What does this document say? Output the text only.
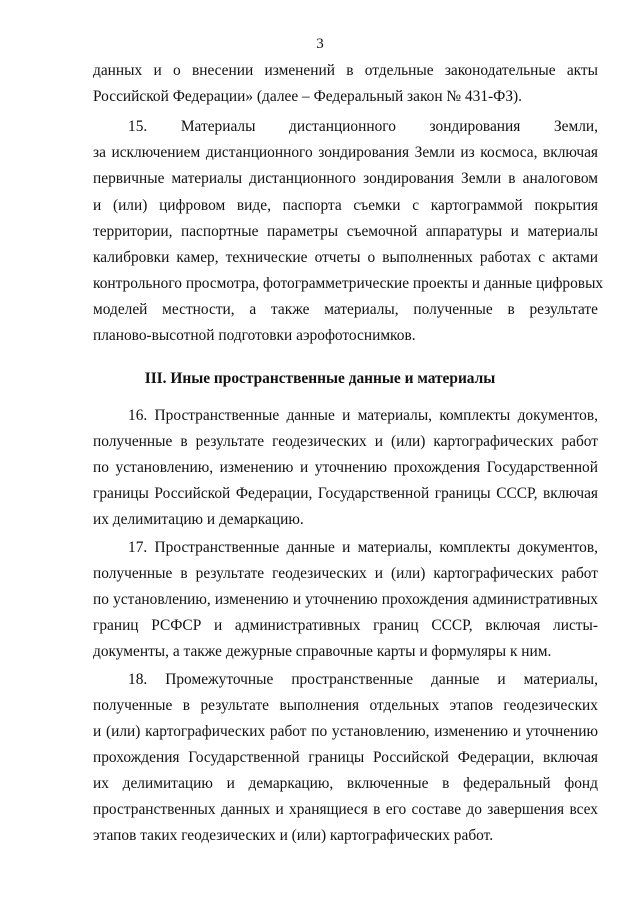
3
данных и о внесении изменений в отдельные законодательные акты
Российской Федерации» (далее – Федеральный закон № 431-ФЗ).
15. Материалы дистанционного зондирования Земли,
за исключением дистанционного зондирования Земли из космоса, включая
первичные материалы дистанционного зондирования Земли в аналоговом
и (или) цифровом виде, паспорта съемки с картограммой покрытия
территории, паспортные параметры съемочной аппаратуры и материалы
калибровки камер, технические отчеты о выполненных работах с актами
контрольного просмотра, фотограмметрические проекты и данные цифровых
моделей местности, а также материалы, полученные в результате
планово-высотной подготовки аэрофотоснимков.
III. Иные пространственные данные и материалы
16. Пространственные данные и материалы, комплекты документов,
полученные в результате геодезических и (или) картографических работ
по установлению, изменению и уточнению прохождения Государственной
границы Российской Федерации, Государственной границы СССР, включая
их делимитацию и демаркацию.
17. Пространственные данные и материалы, комплекты документов,
полученные в результате геодезических и (или) картографических работ
по установлению, изменению и уточнению прохождения административных
границ РСФСР и административных границ СССР, включая листы-
документы, а также дежурные справочные карты и формуляры к ним.
18. Промежуточные пространственные данные и материалы,
полученные в результате выполнения отдельных этапов геодезических
и (или) картографических работ по установлению, изменению и уточнению
прохождения Государственной границы Российской Федерации, включая
их делимитацию и демаркацию, включенные в федеральный фонд
пространственных данных и хранящиеся в его составе до завершения всех
этапов таких геодезических и (или) картографических работ.
